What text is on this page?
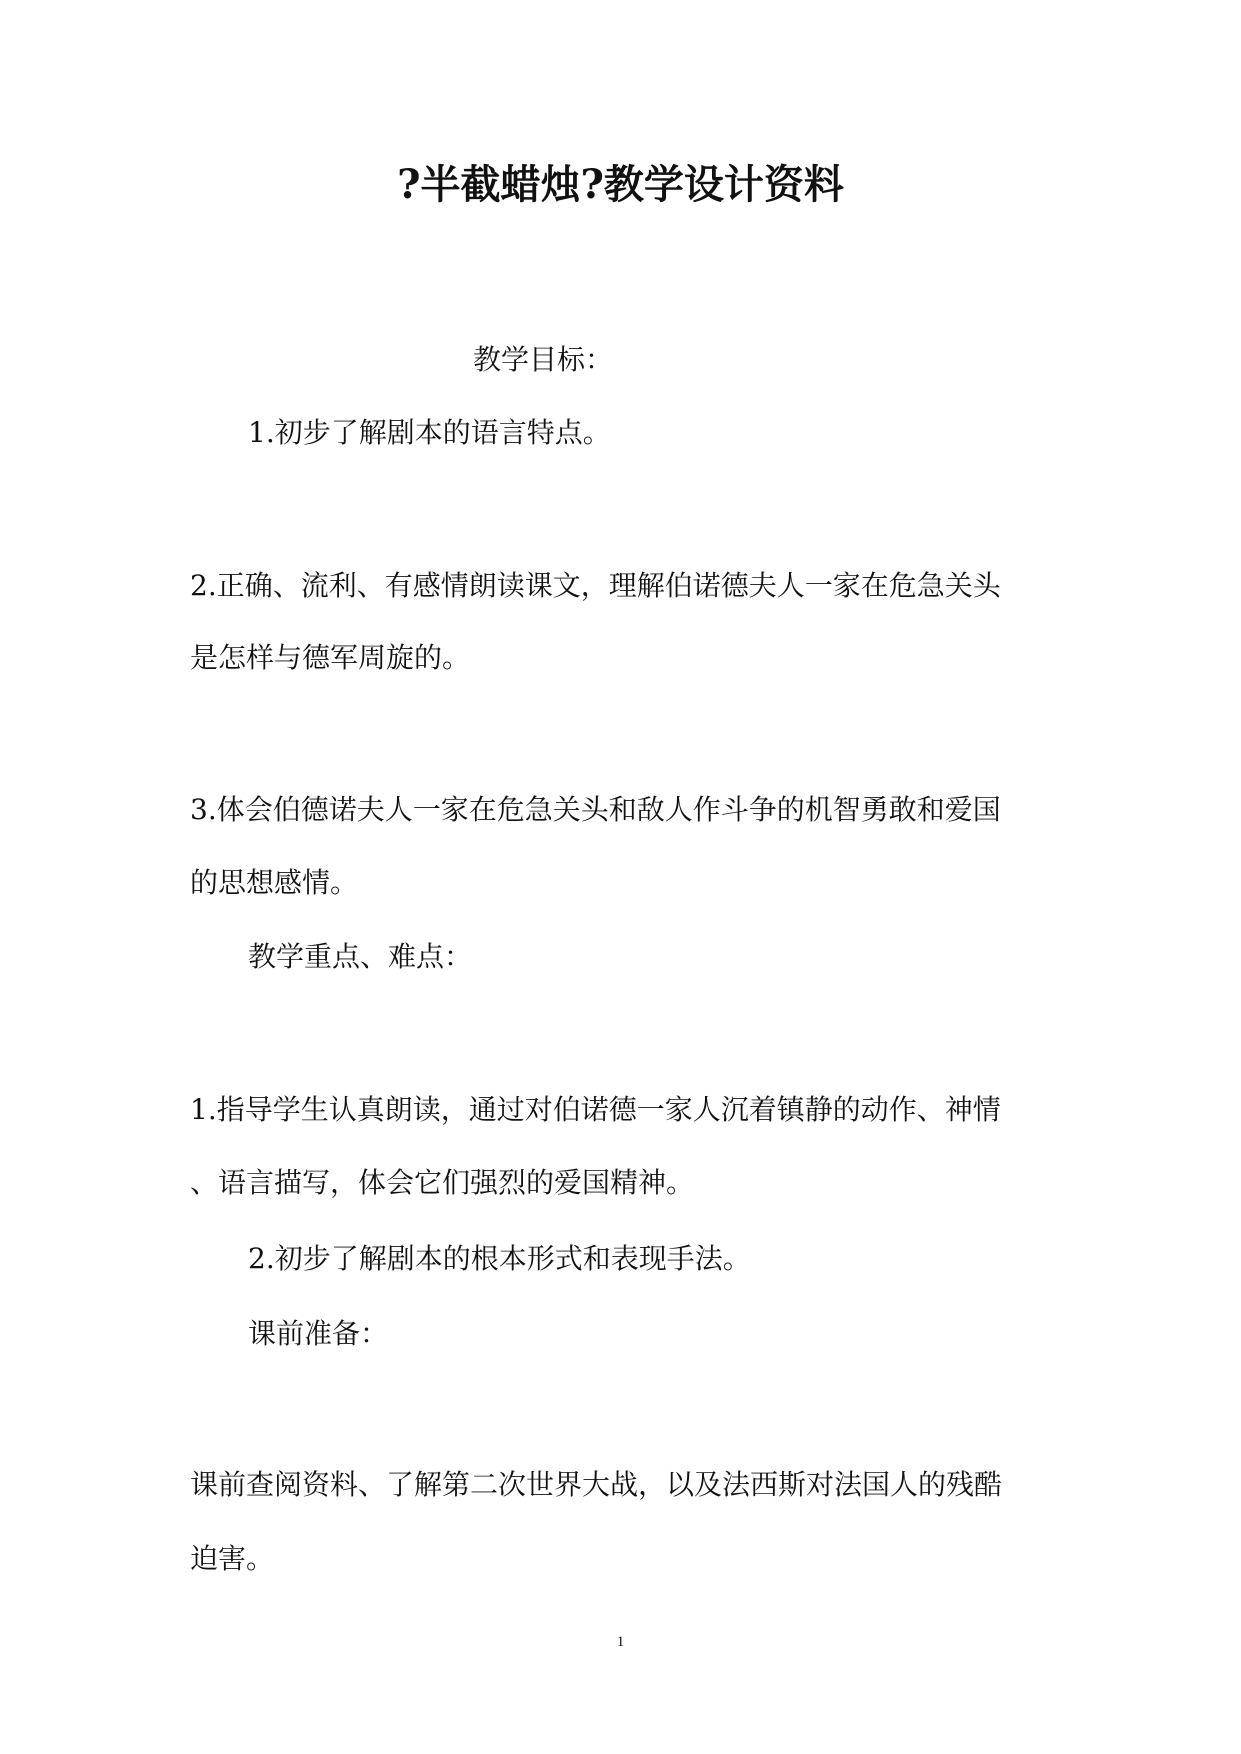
?半截蜡烛?教学设计资料
教学目标：
1.初步了解剧本的语言特点。
2.正确、流利、有感情朗读课文，理解伯诺德夫人一家在危急关头
是怎样与德军周旋的。
3.体会伯德诺夫人一家在危急关头和敌人作斗争的机智勇敢和爱国
的思想感情。
教学重点、难点：
1.指导学生认真朗读，通过对伯诺德一家人沉着镇静的动作、神情
、语言描写，体会它们强烈的爱国精神。
2.初步了解剧本的根本形式和表现手法。
课前准备：
课前查阅资料、了解第二次世界大战，以及法西斯对法国人的残酷
迫害。
1
